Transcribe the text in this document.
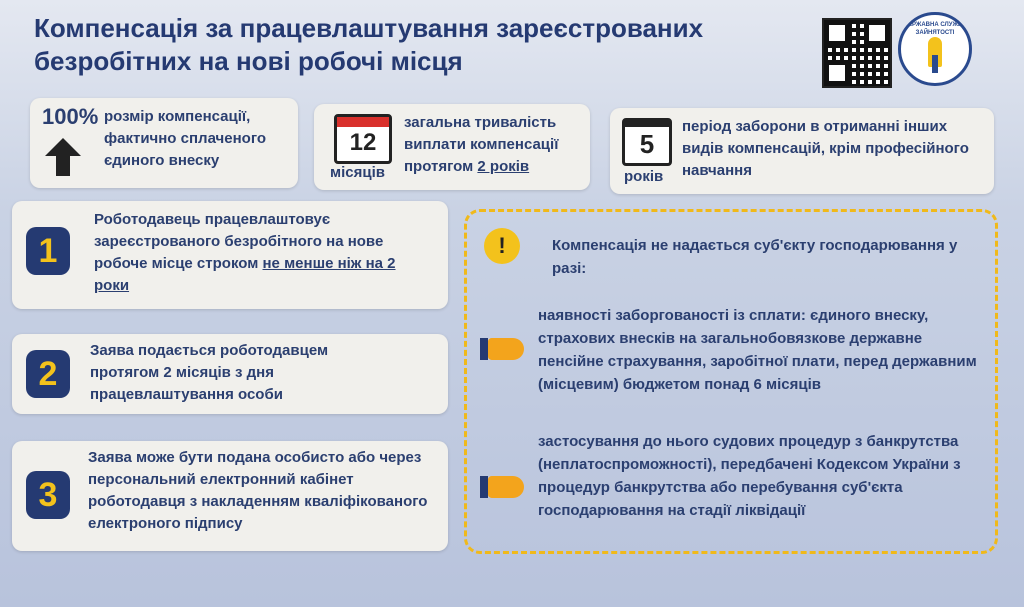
Компенсація за працевлаштування зареєстрованих безробітних на нові робочі місця
ДЕРЖАВНА СЛУЖБА ЗАЙНЯТОСТІ
100% розмір компенсації, фактично сплаченого єдиного внеску
12
місяців
загальна тривалість виплати компенсації протягом 2 років
5
років
період заборони в отриманні інших видів компенсацій, крім професійного навчання
1
Роботодавець працевлаштовує зареєстрованого безробітного на нове робоче місце строком не менше ніж на 2 роки
2
Заява подається роботодавцем протягом 2 місяців з дня працевлаштування особи
3
Заява може бути подана особисто або через персональний електронний кабінет роботодавця з накладенням кваліфікованого електроного підпису
!	Компенсація не надається суб'єкту господарювання у разі:
наявності заборгованості із сплати: єдиного внеску, страхових внесків на загальнобовязкове державне пенсійне страхування, заробітної плати, перед державним (місцевим) бюджетом понад 6 місяців
застосування до нього судових процедур з банкрутства (неплатоспроможності), передбачені Кодексом України з процедур банкрутства або перебування суб'єкта господарювання на стадії ліквідації
